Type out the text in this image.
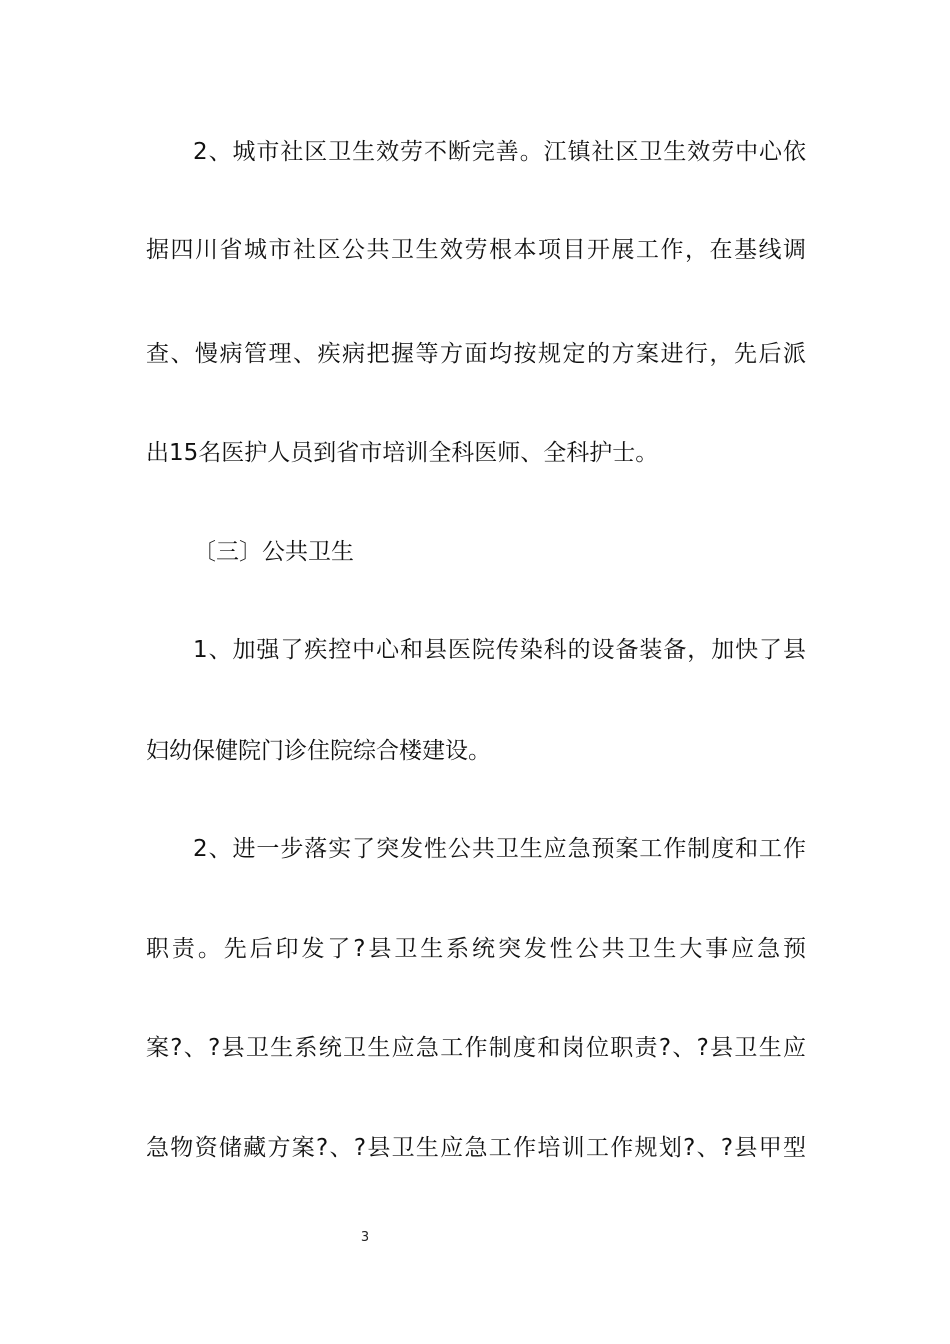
2、城市社区卫生效劳不断完善。江镇社区卫生效劳中心依
据四川省城市社区公共卫生效劳根本项目开展工作，在基线调
查、慢病管理、疾病把握等方面均按规定的方案进行，先后派
出15名医护人员到省市培训全科医师、全科护士。
〔三〕公共卫生
1、加强了疾控中心和县医院传染科的设备装备，加快了县
妇幼保健院门诊住院综合楼建设。
2、进一步落实了突发性公共卫生应急预案工作制度和工作
职责。先后印发了?县卫生系统突发性公共卫生大事应急预
案?、?县卫生系统卫生应急工作制度和岗位职责?、?县卫生应
急物资储藏方案?、?县卫生应急工作培训工作规划?、?县甲型
3
